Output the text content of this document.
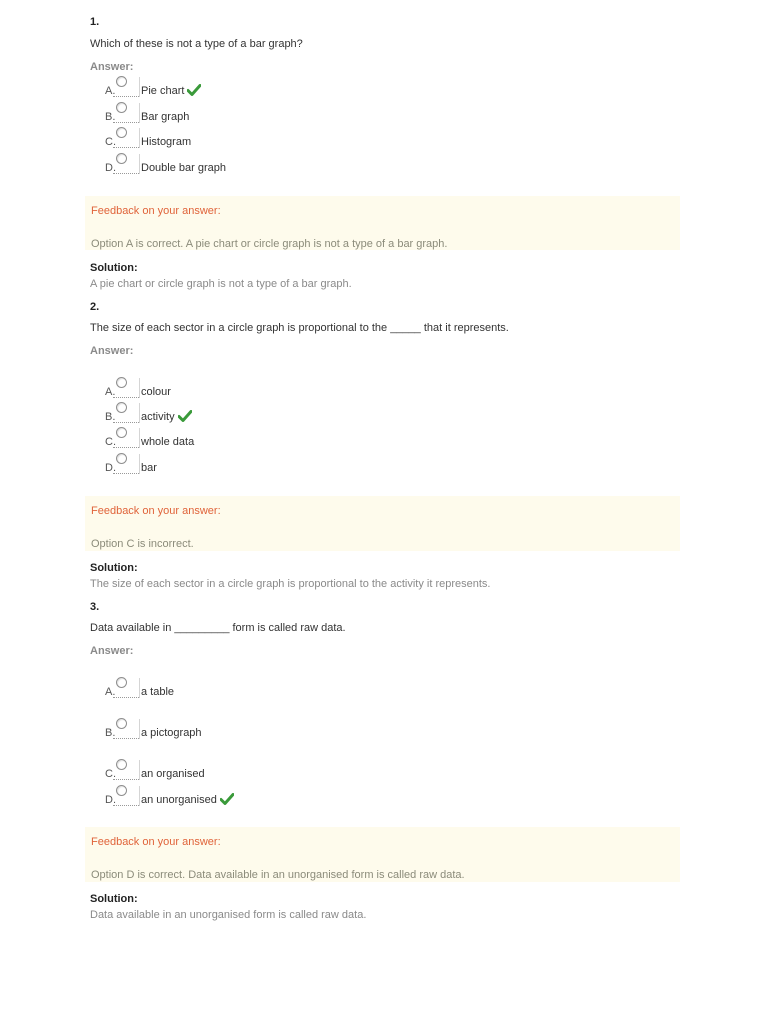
1.
Which of these is not a type of a bar graph?
Answer:
A. Pie chart
B. Bar graph
C. Histogram
D. Double bar graph
Feedback on your answer:
Option A is correct. A pie chart or circle graph is not a type of a bar graph.
Solution:
A pie chart or circle graph is not a type of a bar graph.
2.
The size of each sector in a circle graph is proportional to the _____ that it represents.
Answer:
A. colour
B. activity
C. whole data
D. bar
Feedback on your answer:
Option C is incorrect.
Solution:
The size of each sector in a circle graph is proportional to the activity it represents.
3.
Data available in _________ form is called raw data.
Answer:
A. a table
B. a pictograph
C. an organised
D. an unorganised
Feedback on your answer:
Option D is correct. Data available in an unorganised form is called raw data.
Solution:
Data available in an unorganised form is called raw data.
